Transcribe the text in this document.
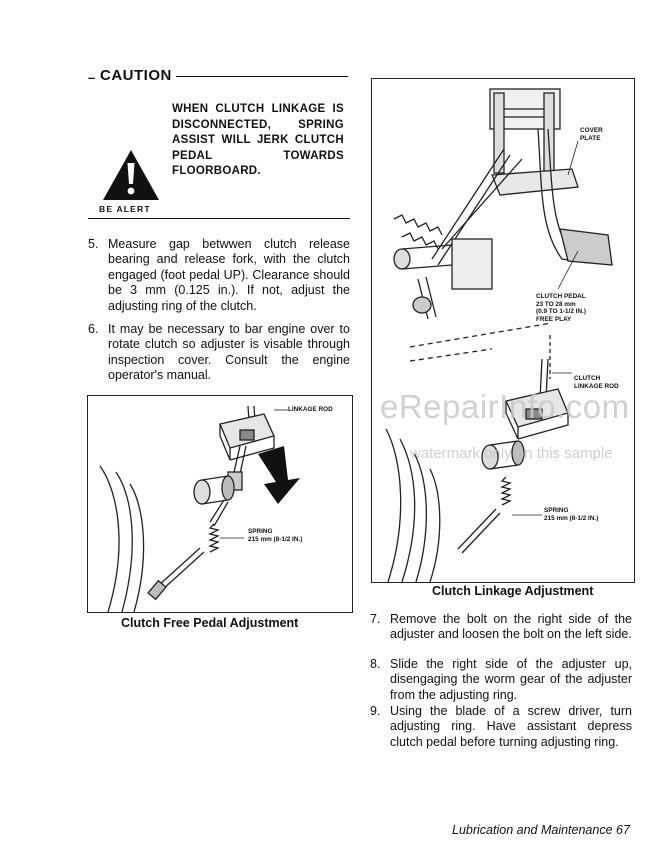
– CAUTION
WHEN CLUTCH LINKAGE IS DISCONNECTED, SPRING ASSIST WILL JERK CLUTCH PEDAL TOWARDS FLOORBOARD.
BE ALERT
5. Measure gap betwwen clutch release bearing and release fork, with the clutch engaged (foot pedal UP). Clearance should be 3 mm (0.125 in.). If not, adjust the adjusting ring of the clutch.
6. It may be necessary to bar engine over to rotate clutch so adjuster is visable through inspection cover. Consult the engine operator's manual.
LINKAGE ROD
SPRING
215 mm (8-1/2 IN.)
Clutch Free Pedal Adjustment
COVER
PLATE
CLUTCH PEDAL
23 TO 28 mm
(0.9 TO 1-1/2 IN.)
FREE PLAY
CLUTCH
LINKAGE ROD
SPRING
215 mm (8-1/2 IN.)
Clutch Linkage Adjustment
7. Remove the bolt on the right side of the adjuster and loosen the bolt on the left side.
8. Slide the right side of the adjuster up, disengaging the worm gear of the adjuster from the adjusting ring.
9. Using the blade of a screw driver, turn adjusting ring. Have assistant depress clutch pedal before turning adjusting ring.
eRepairInfo.com
watermark only on this sample
Lubrication and Maintenance 67
